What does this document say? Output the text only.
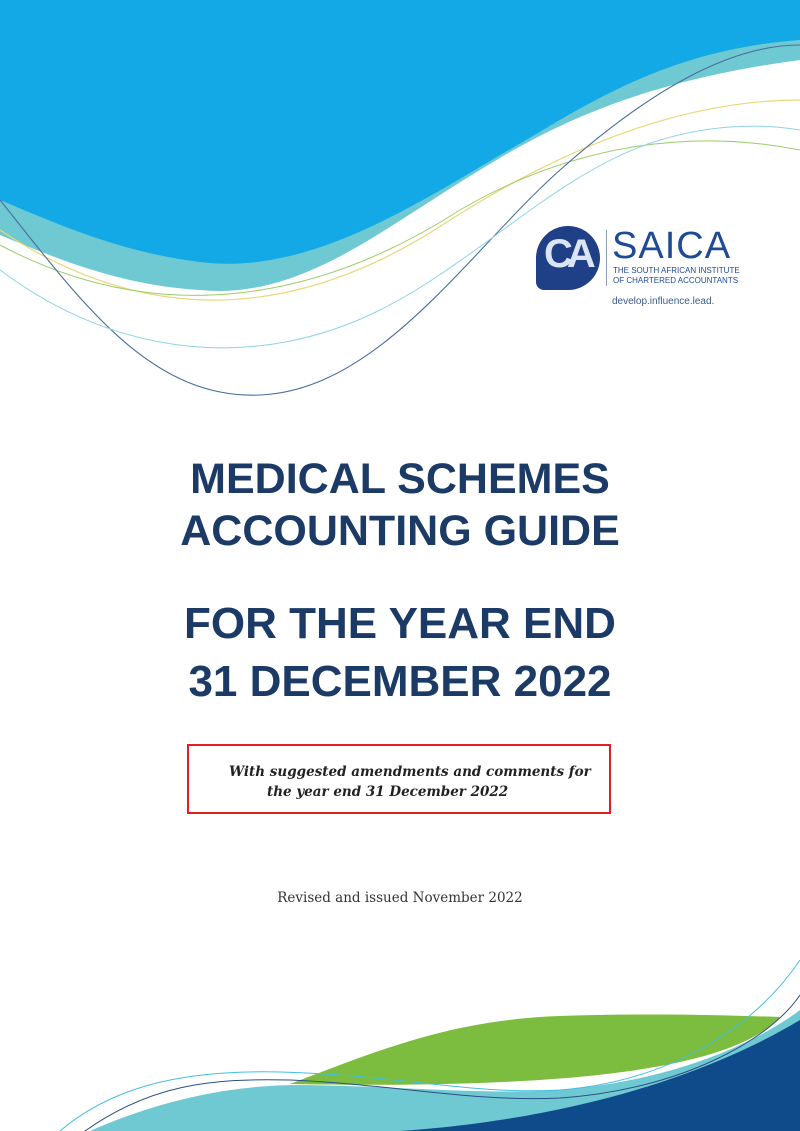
CA SAICA
THE SOUTH AFRICAN INSTITUTE
OF CHARTERED ACCOUNTANTS
develop.influence.lead.
MEDICAL SCHEMES
ACCOUNTING GUIDE
FOR THE YEAR END
31 DECEMBER 2022

With suggested amendments and comments for

the year end 31 December 2022

Revised and issued November 2022
